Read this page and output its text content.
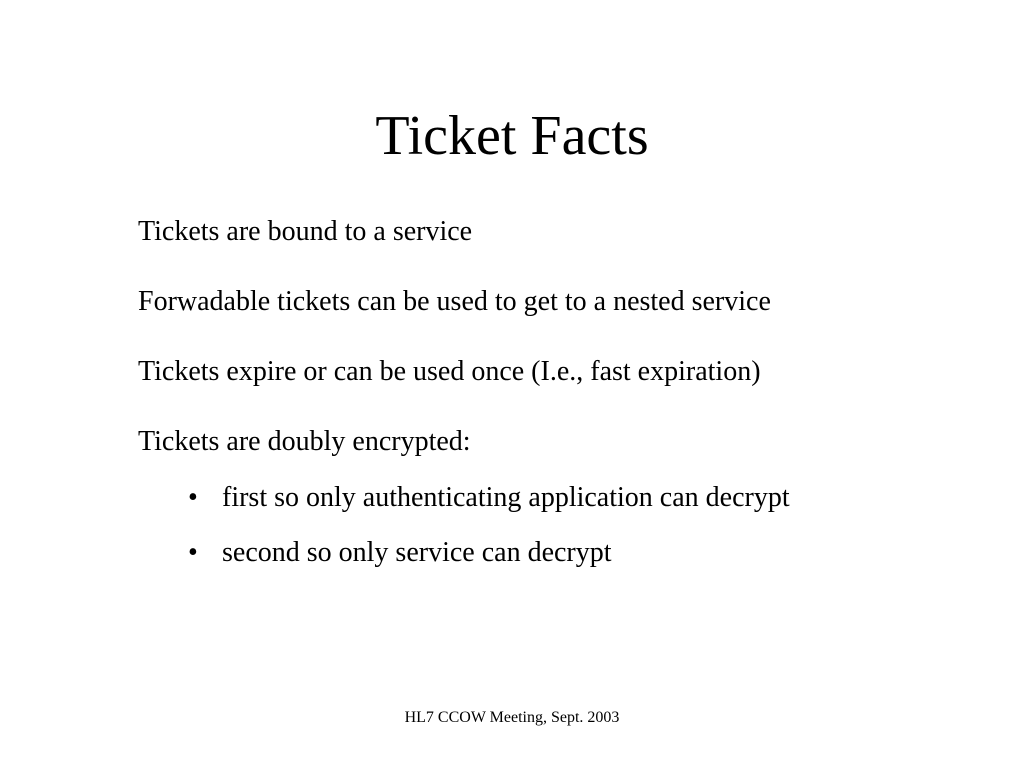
Ticket Facts
Tickets are bound to a service
Forwadable tickets can be used to get to a nested service
Tickets expire or can be used once (I.e., fast expiration)
Tickets are doubly encrypted:
• first so only authenticating application can decrypt
• second so only service can decrypt
HL7 CCOW Meeting, Sept. 2003
